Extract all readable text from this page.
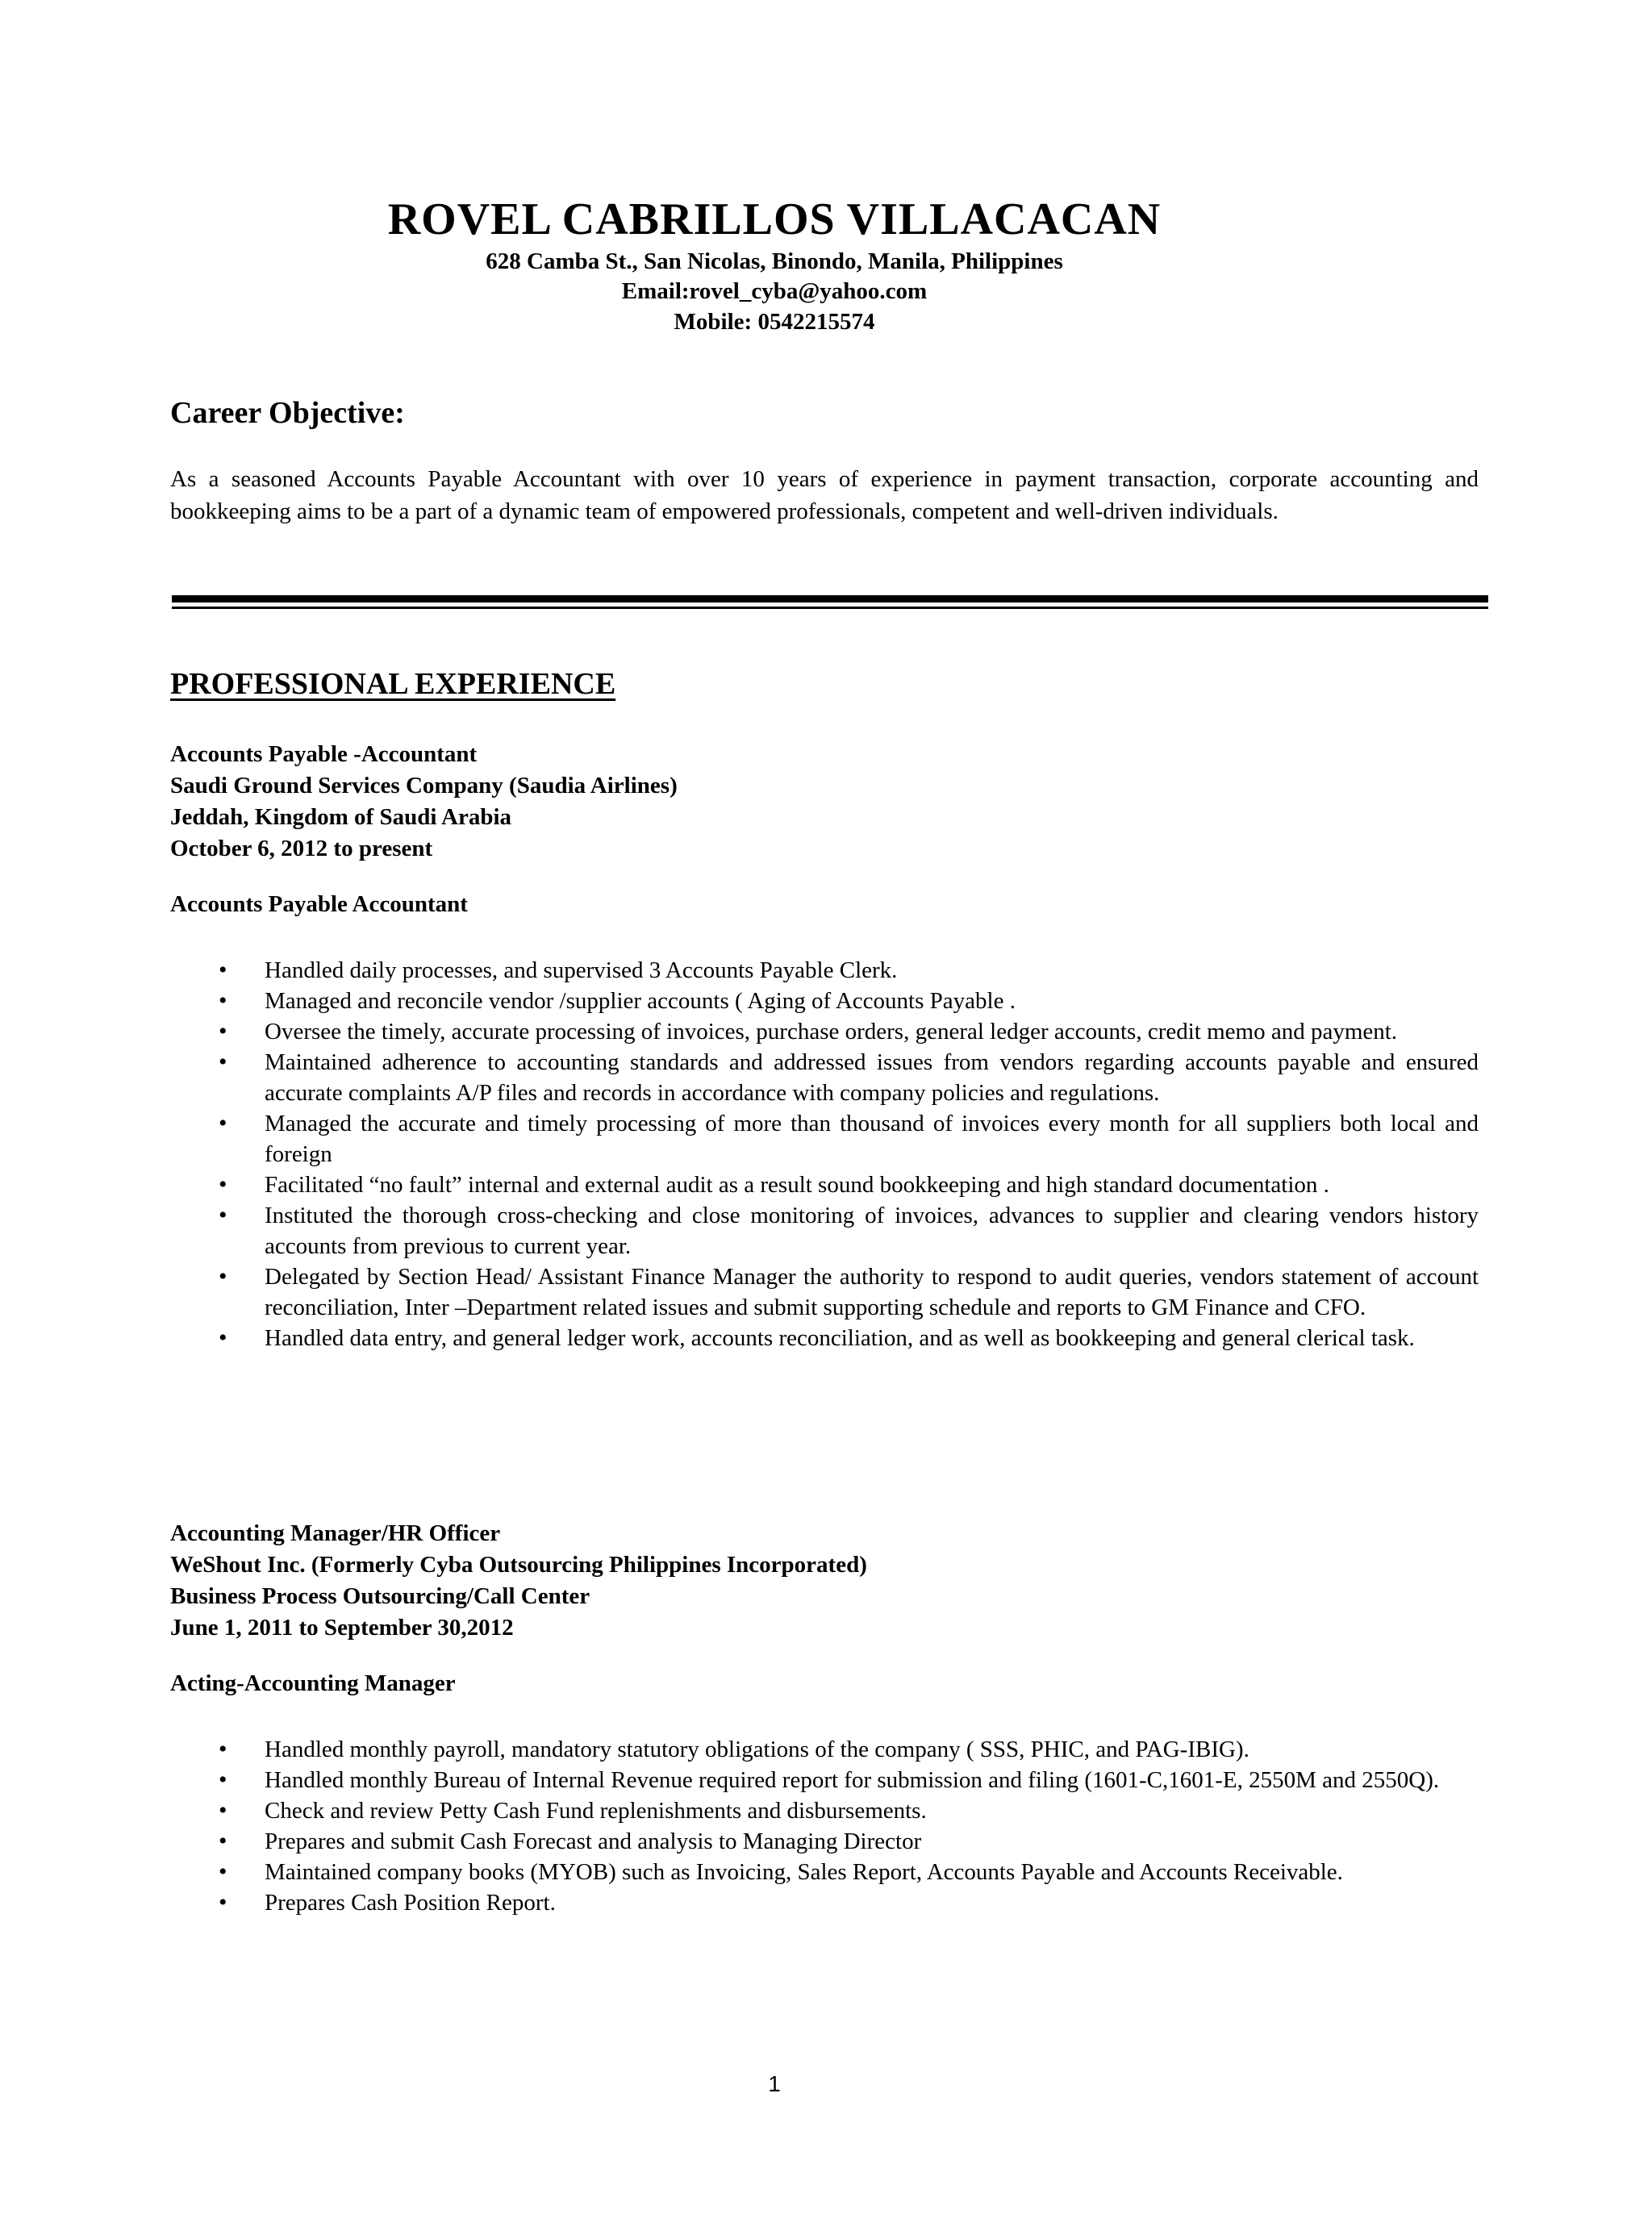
ROVEL CABRILLOS VILLACACAN
628 Camba St., San Nicolas, Binondo, Manila, Philippines
Email:rovel_cyba@yahoo.com
Mobile: 0542215574
Career Objective:
As a seasoned Accounts Payable Accountant with over 10 years of experience in payment transaction, corporate accounting and bookkeeping aims to be a part of a dynamic team of empowered professionals, competent and well-driven individuals.
PROFESSIONAL EXPERIENCE
Accounts Payable -Accountant
Saudi Ground Services Company (Saudia Airlines)
Jeddah, Kingdom of Saudi Arabia
October 6, 2012 to present
Accounts Payable Accountant
• Handled daily processes, and supervised 3 Accounts Payable Clerk.
• Managed and reconcile vendor /supplier accounts ( Aging of Accounts Payable .
• Oversee the timely, accurate processing of invoices, purchase orders, general ledger accounts, credit memo and payment.
• Maintained adherence to accounting standards and addressed issues from vendors regarding accounts payable and ensured accurate complaints A/P files and records in accordance with company policies and regulations.
• Managed the accurate and timely processing of more than thousand of invoices every month for all suppliers both local and foreign
• Facilitated “no fault” internal and external audit as a result sound bookkeeping and high standard documentation .
• Instituted the thorough cross-checking and close monitoring of invoices, advances to supplier and clearing vendors history accounts from previous to current year.
• Delegated by Section Head/ Assistant Finance Manager the authority to respond to audit queries, vendors statement of account reconciliation, Inter –Department related issues and submit supporting schedule and reports to GM Finance and CFO.
• Handled data entry, and general ledger work, accounts reconciliation, and as well as bookkeeping and general clerical task.
Accounting Manager/HR Officer
WeShout Inc. (Formerly Cyba Outsourcing Philippines Incorporated)
Business Process Outsourcing/Call Center
June 1, 2011 to September 30,2012
Acting-Accounting Manager
• Handled monthly payroll, mandatory statutory obligations of the company ( SSS, PHIC, and PAG-IBIG).
• Handled monthly Bureau of Internal Revenue required report for submission and filing (1601-C,1601-E, 2550M and 2550Q).
• Check and review Petty Cash Fund replenishments and disbursements.
• Prepares and submit Cash Forecast and analysis to Managing Director
• Maintained company books (MYOB) such as Invoicing, Sales Report, Accounts Payable and Accounts Receivable.
• Prepares Cash Position Report.
1
